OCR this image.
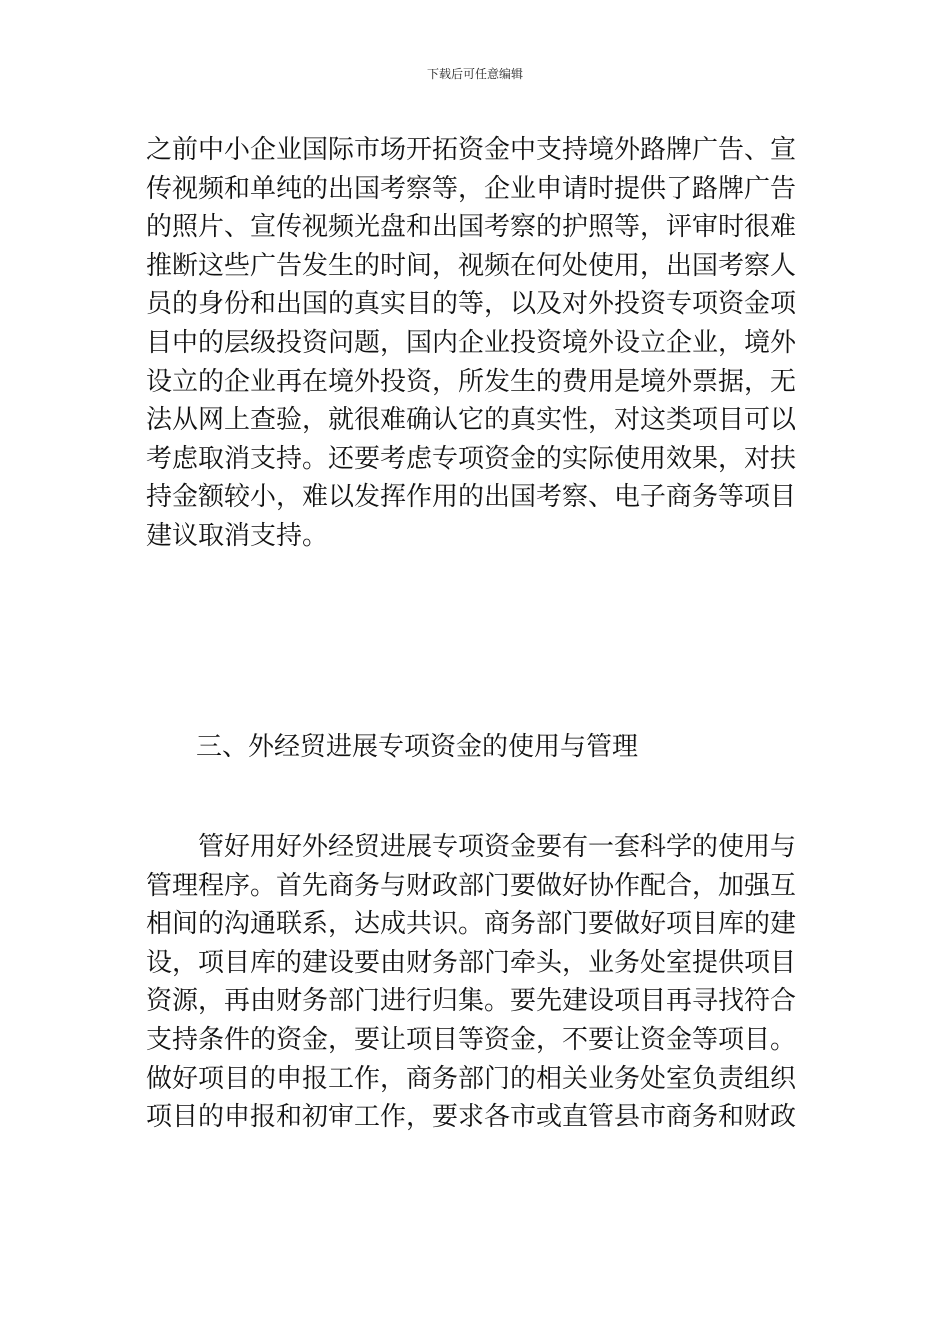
下载后可任意编辑
之前中小企业国际市场开拓资金中支持境外路牌广告、宣
传视频和单纯的出国考察等，企业申请时提供了路牌广告
的照片、宣传视频光盘和出国考察的护照等，评审时很难
推断这些广告发生的时间，视频在何处使用，出国考察人
员的身份和出国的真实目的等，以及对外投资专项资金项
目中的层级投资问题，国内企业投资境外设立企业，境外
设立的企业再在境外投资，所发生的费用是境外票据，无
法从网上查验，就很难确认它的真实性，对这类项目可以
考虑取消支持。还要考虑专项资金的实际使用效果，对扶
持金额较小，难以发挥作用的出国考察、电子商务等项目
建议取消支持。
三、外经贸进展专项资金的使用与管理
　　管好用好外经贸进展专项资金要有一套科学的使用与
管理程序。首先商务与财政部门要做好协作配合，加强互
相间的沟通联系，达成共识。商务部门要做好项目库的建
设，项目库的建设要由财务部门牵头，业务处室提供项目
资源，再由财务部门进行归集。要先建设项目再寻找符合
支持条件的资金，要让项目等资金，不要让资金等项目。
做好项目的申报工作，商务部门的相关业务处室负责组织
项目的申报和初审工作，要求各市或直管县市商务和财政
